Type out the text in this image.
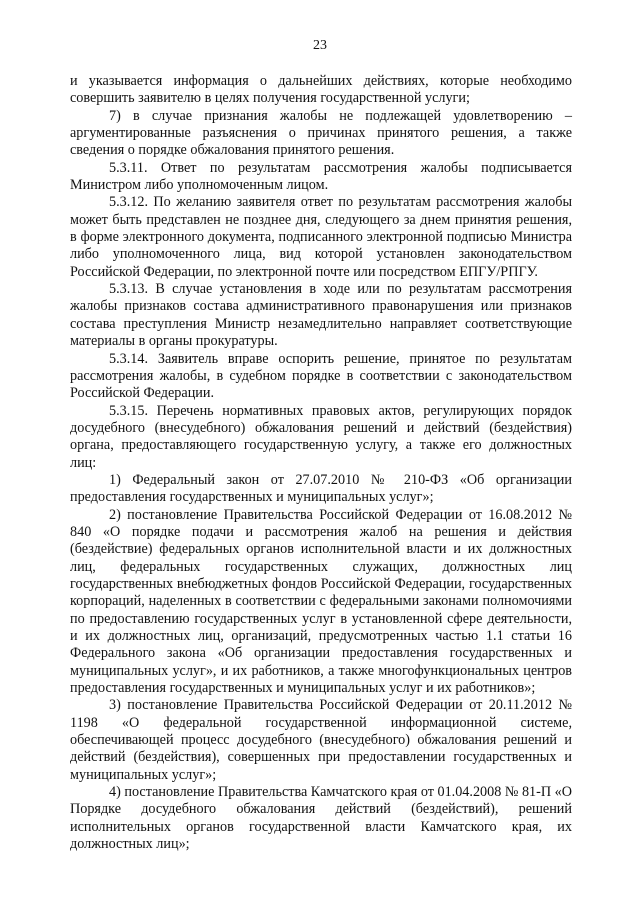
23

и указывается информация о дальнейших действиях, которые необходимо совершить заявителю в целях получения государственной услуги;

7) в случае признания жалобы не подлежащей удовлетворению – аргументированные разъяснения о причинах принятого решения, а также сведения о порядке обжалования принятого решения.

5.3.11. Ответ по результатам рассмотрения жалобы подписывается Министром либо уполномоченным лицом.

5.3.12. По желанию заявителя ответ по результатам рассмотрения жалобы может быть представлен не позднее дня, следующего за днем принятия решения, в форме электронного документа, подписанного электронной подписью Министра либо уполномоченного лица, вид которой установлен законодательством Российской Федерации, по электронной почте или посредством ЕПГУ/РПГУ.

5.3.13. В случае установления в ходе или по результатам рассмотрения жалобы признаков состава административного правонарушения или признаков состава преступления Министр незамедлительно направляет соответствующие материалы в органы прокуратуры.

5.3.14. Заявитель вправе оспорить решение, принятое по результатам рассмотрения жалобы, в судебном порядке в соответствии с законодательством Российской Федерации.

5.3.15. Перечень нормативных правовых актов, регулирующих порядок досудебного (внесудебного) обжалования решений и действий (бездействия) органа, предоставляющего государственную услугу, а также его должностных лиц:

1) Федеральный закон от 27.07.2010 № 210-ФЗ «Об организации предоставления государственных и муниципальных услуг»;

2) постановление Правительства Российской Федерации от 16.08.2012 № 840 «О порядке подачи и рассмотрения жалоб на решения и действия (бездействие) федеральных органов исполнительной власти и их должностных лиц, федеральных государственных служащих, должностных лиц государственных внебюджетных фондов Российской Федерации, государственных корпораций, наделенных в соответствии с федеральными законами полномочиями по предоставлению государственных услуг в установленной сфере деятельности, и их должностных лиц, организаций, предусмотренных частью 1.1 статьи 16 Федерального закона «Об организации предоставления государственных и муниципальных услуг», и их работников, а также многофункциональных центров предоставления государственных и муниципальных услуг и их работников»;

3) постановление Правительства Российской Федерации от 20.11.2012 № 1198 «О федеральной государственной информационной системе, обеспечивающей процесс досудебного (внесудебного) обжалования решений и действий (бездействия), совершенных при предоставлении государственных и муниципальных услуг»;

4) постановление Правительства Камчатского края от 01.04.2008 № 81-П «О Порядке досудебного обжалования действий (бездействий), решений исполнительных органов государственной власти Камчатского края, их должностных лиц»;
